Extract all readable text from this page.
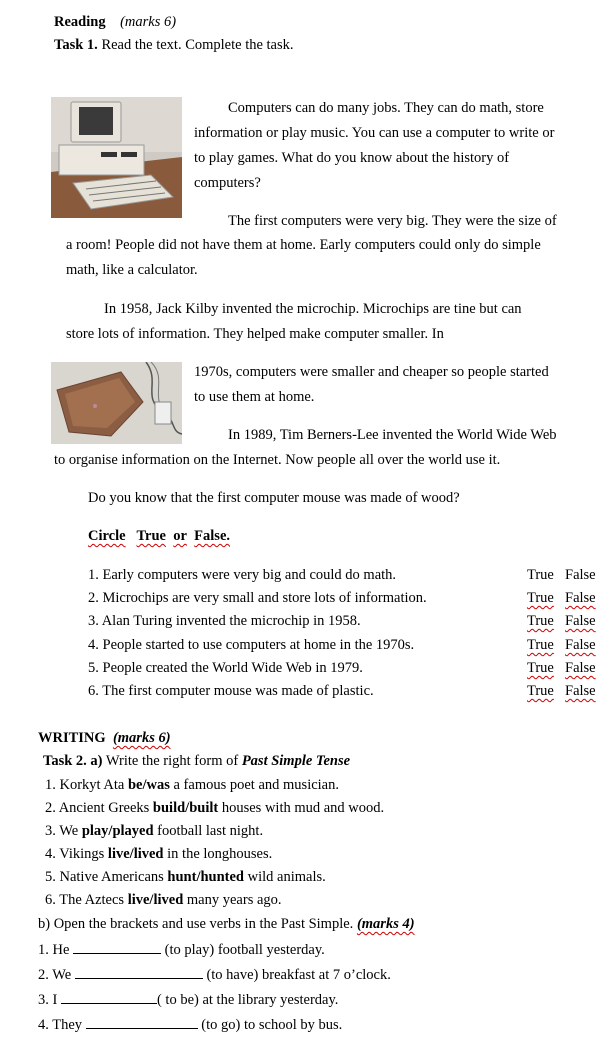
Reading (marks 6)
Task 1. Read the text. Complete the task.
Computers can do many jobs. They can do math, store
information or play music. You can use a computer to write or
to play games. What do you know about the history of
computers?
The first computers were very big. They were the size of
a room! People did not have them at home. Early computers could only do simple
math, like a calculator.
In 1958, Jack Kilby invented the microchip. Microchips are tine but can
store lots of information. They helped make computer smaller. In
1970s, computers were smaller and cheaper so people started
to use them at home.
In 1989, Tim Berners-Lee invented the World Wide Web
to organise information on the Internet. Now people all over the world use it.
Do you know that the first computer mouse was made of wood?
Circle True or False.
1. Early computers were very big and could do math.	True False
2. Microchips are very small and store lots of information.	True False
3. Alan Turing invented the microchip in 1958.	True False
4. People started to use computers at home in the 1970s.	True False
5. People created the World Wide Web in 1979.	True False
6. The first computer mouse was made of plastic.	True False
WRITING (marks 6)
Task 2. a) Write the right form of Past Simple Tense
1. Korkyt Ata be/was a famous poet and musician.
2. Ancient Greeks build/built houses with mud and wood.
3. We play/played football last night.
4. Vikings live/lived in the longhouses.
5. Native Americans hunt/hunted wild animals.
6. The Aztecs live/lived many years ago.
b) Open the brackets and use verbs in the Past Simple. (marks 4)
1. He	(to play) football yesterday.
2. We	(to have) breakfast at 7 o’clock.
3. I	( to be) at the library yesterday.
4. They	(to go) to school by bus.
